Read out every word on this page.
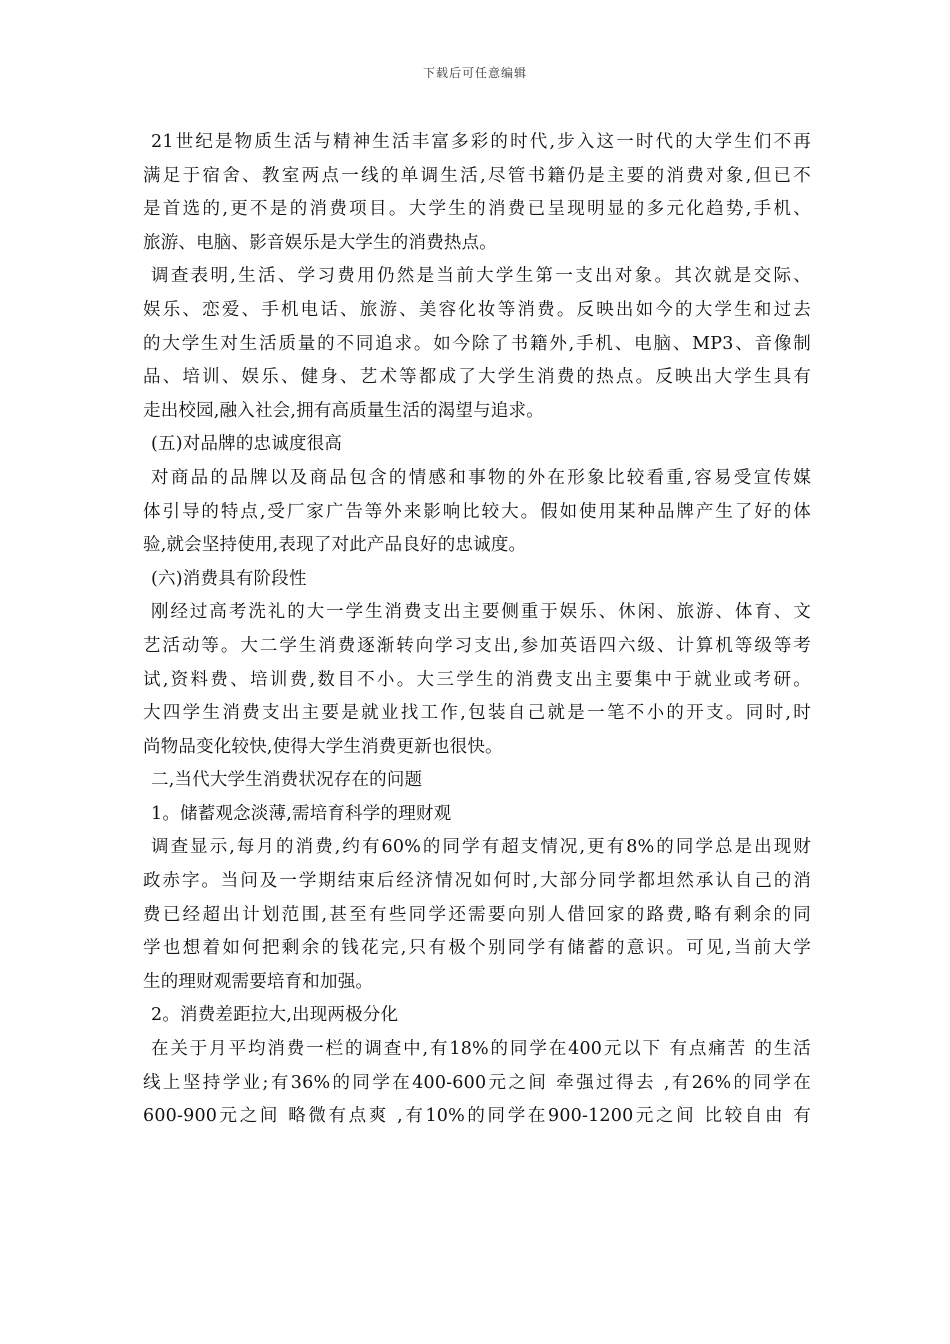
下载后可任意编辑
21世纪是物质生活与精神生活丰富多彩的时代,步入这一时代的大学生们不再
满足于宿舍、教室两点一线的单调生活,尽管书籍仍是主要的消费对象,但已不
是首选的,更不是的消费项目。大学生的消费已呈现明显的多元化趋势,手机、
旅游、电脑、影音娱乐是大学生的消费热点。
调查表明,生活、学习费用仍然是当前大学生第一支出对象。其次就是交际、
娱乐、恋爱、手机电话、旅游、美容化妆等消费。反映出如今的大学生和过去
的大学生对生活质量的不同追求。如今除了书籍外,手机、电脑、MP3、音像制
品、培训、娱乐、健身、艺术等都成了大学生消费的热点。反映出大学生具有
走出校园,融入社会,拥有高质量生活的渴望与追求。
(五)对品牌的忠诚度很高
对商品的品牌以及商品包含的情感和事物的外在形象比较看重,容易受宣传媒
体引导的特点,受厂家广告等外来影响比较大。假如使用某种品牌产生了好的体
验,就会坚持使用,表现了对此产品良好的忠诚度。
(六)消费具有阶段性
刚经过高考洗礼的大一学生消费支出主要侧重于娱乐、休闲、旅游、体育、文
艺活动等。大二学生消费逐渐转向学习支出,参加英语四六级、计算机等级等考
试,资料费、培训费,数目不小。大三学生的消费支出主要集中于就业或考研。
大四学生消费支出主要是就业找工作,包装自己就是一笔不小的开支。同时,时
尚物品变化较快,使得大学生消费更新也很快。
二,当代大学生消费状况存在的问题
1。储蓄观念淡薄,需培育科学的理财观
调查显示,每月的消费,约有60%的同学有超支情况,更有8%的同学总是出现财
政赤字。当问及一学期结束后经济情况如何时,大部分同学都坦然承认自己的消
费已经超出计划范围,甚至有些同学还需要向别人借回家的路费,略有剩余的同
学也想着如何把剩余的钱花完,只有极个别同学有储蓄的意识。可见,当前大学
生的理财观需要培育和加强。
2。消费差距拉大,出现两极分化
在关于月平均消费一栏的调查中,有18%的同学在400元以下 有点痛苦 的生活
线上坚持学业;有36%的同学在400-600元之间 牵强过得去 ,有26%的同学在
600-900元之间 略微有点爽 ,有10%的同学在900-1200元之间 比较自由 有
